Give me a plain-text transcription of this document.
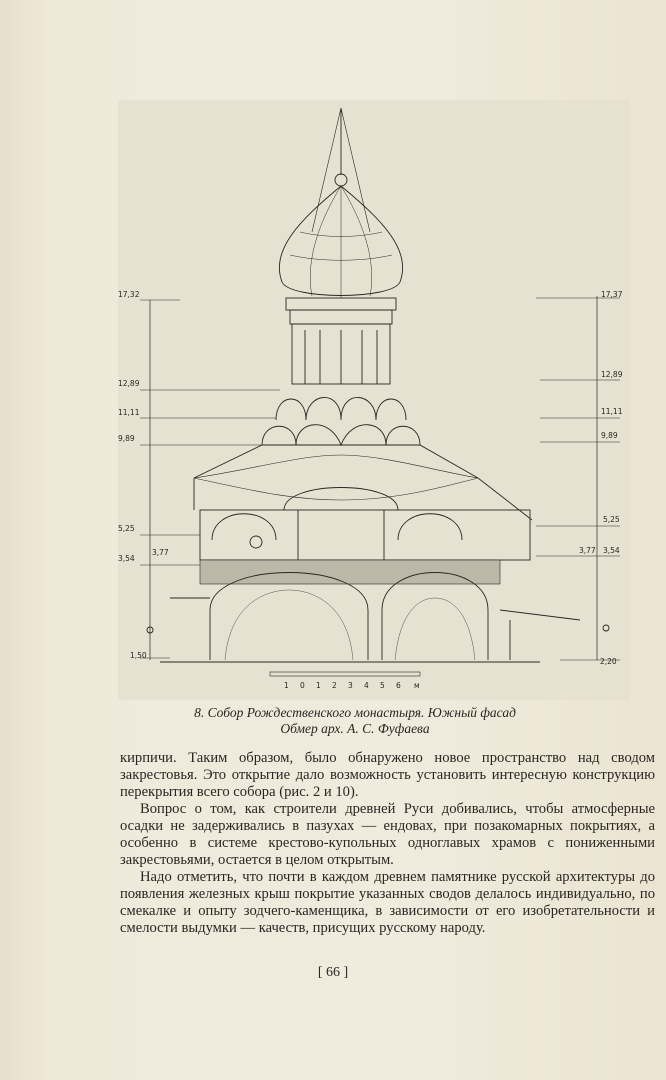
17,32
12,89
11,11
9,89
5,25
3,54
1,50
3,77
17,37
12,89
11,11
9,89
5,25
3,54
2,20
3,77
1 0 1 2 3 4 5 6 м
8. Собор Рождественского монастыря. Южный фасад
Обмер арх. А. С. Фуфаева

кирпичи. Таким образом, было обнаружено новое пространство над сводом закрестовья. Это открытие дало возможность установить интересную конструкцию перекрытия всего собора (рис. 2 и 10).

Вопрос о том, как строители древней Руси добивались, чтобы атмосферные осадки не задерживались в пазухах — ендовах, при позакомарных покрытиях, а особенно в системе крестово-купольных одноглавых храмов с пониженными закрестовьями, остается в целом открытым.

Надо отметить, что почти в каждом древнем памятнике русской архитектуры до появления железных крыш покрытие указанных сводов делалось индивидуально, по смекалке и опыту зодчего-каменщика, в зависимости от его изобретательности и смелости выдумки — качеств, присущих русскому народу.

[ 66 ]
